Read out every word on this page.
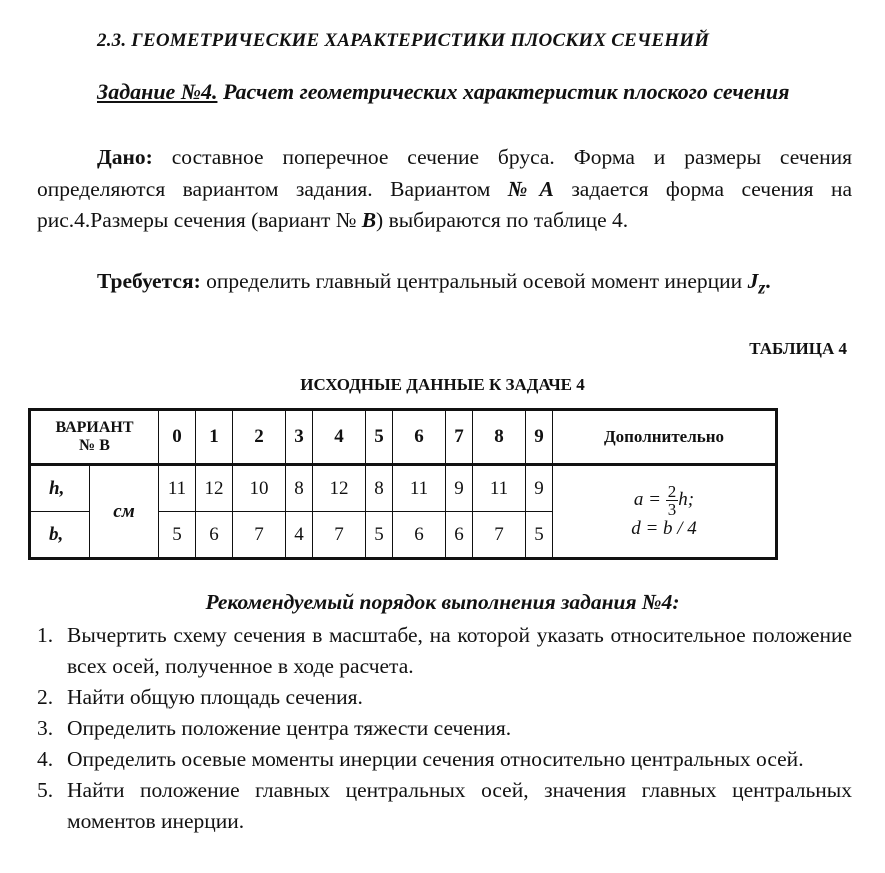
2.3. ГЕОМЕТРИЧЕСКИЕ ХАРАКТЕРИСТИКИ ПЛОСКИХ СЕЧЕНИЙ
Задание №4. Расчет геометрических характеристик плоского сечения
Дано: составное поперечное сечение бруса. Форма и размеры сечения определяются вариантом задания. Вариантом №A задается форма сечения на рис.4.Размеры сечения (вариант № B) выбираются по таблице 4.
Требуется: определить главный центральный осевой момент инерции $J_z$.
ТАБЛИЦА 4
ИСХОДНЫЕ ДАННЫЕ К ЗАДАЧЕ 4
ВАРИАНТ
№ B		0	1	2	3	4	5	6	7	8	9	Дополнительно
h,	см	11	12	10	8	12	8	11	9	11	9	$a = \frac{2}{3} h$;
d = b / 4

b,		5	6	7	4	7	5	6	6	7	5	
Рекомендуемый порядок выполнения задания №4:
1. Вычертить схему сечения в масштабе, на которой указать относительное положение всех осей, полученное в ходе расчета.
2. Найти общую площадь сечения.
3. Определить положение центра тяжести сечения.
4. Определить осевые моменты инерции сечения относительно центральных осей.
5. Найти положение главных центральных осей, значения главных центральных моментов инерции.
